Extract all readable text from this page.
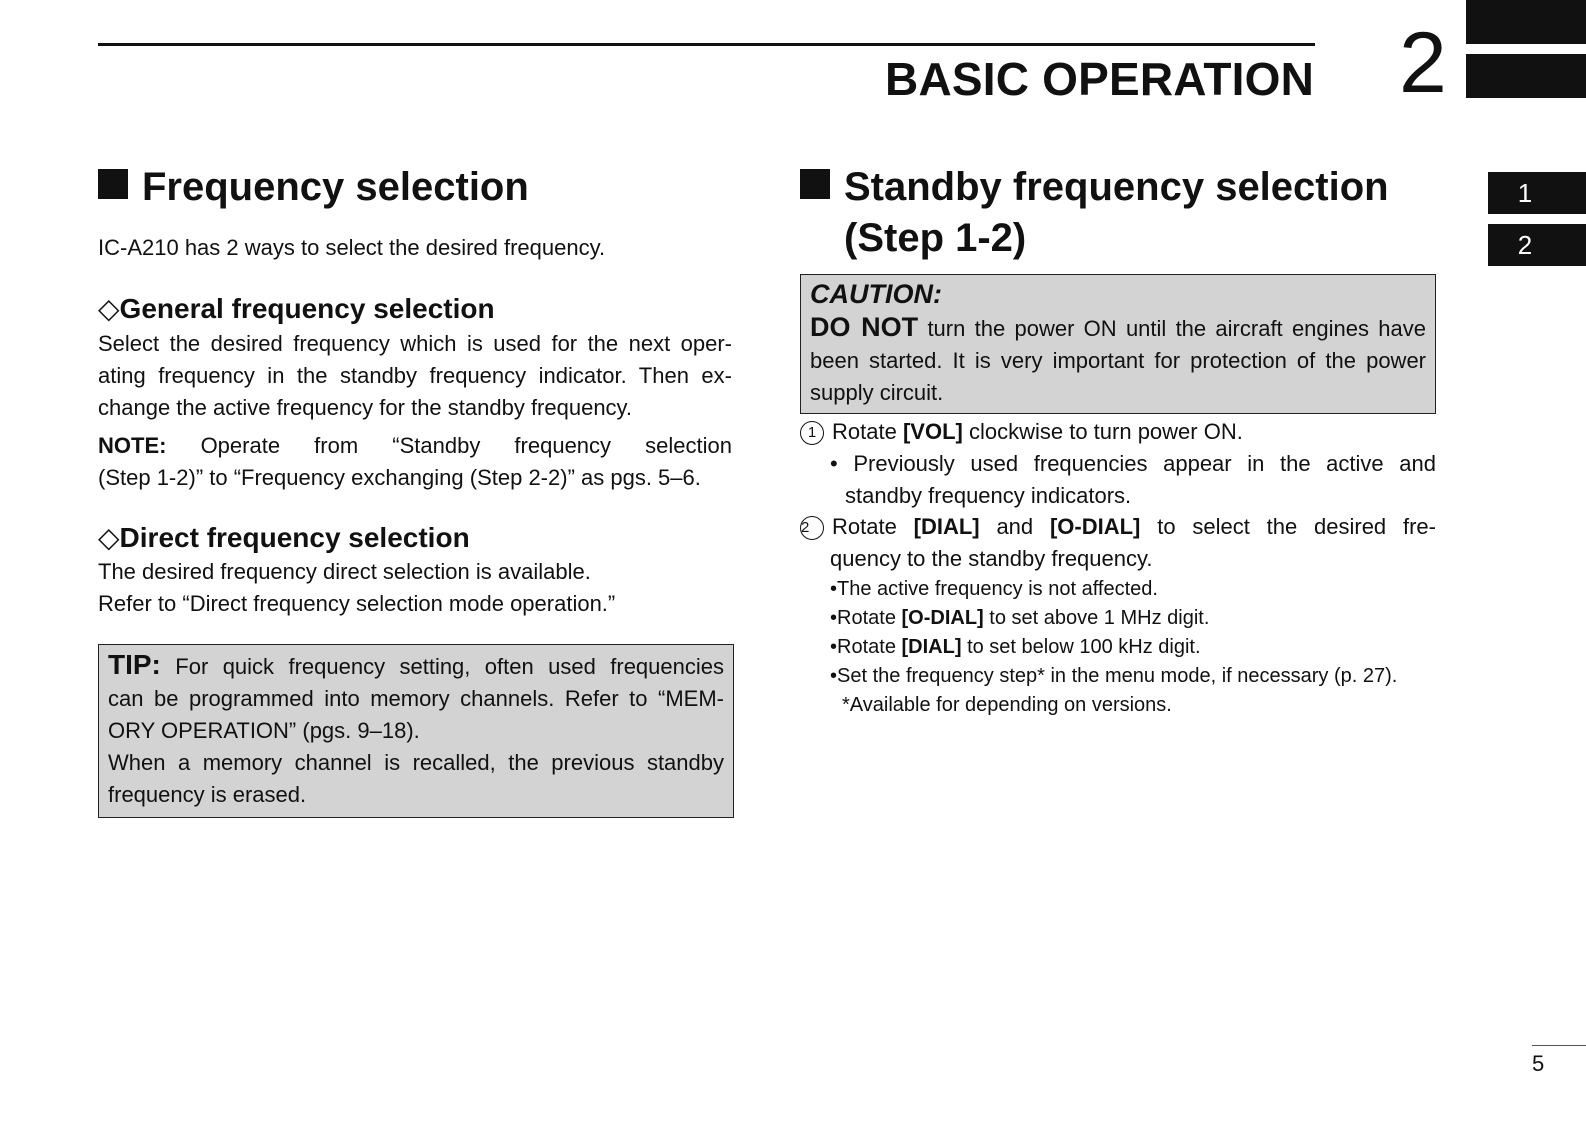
BASIC OPERATION 2
1
2
Frequency selection
IC-A210 has 2 ways to select the desired frequency.
◇General frequency selection
Select the desired frequency which is used for the next oper-
ating frequency in the standby frequency indicator. Then ex-
change the active frequency for the standby frequency.
NOTE: Operate from “Standby frequency selection
(Step 1-2)” to “Frequency exchanging (Step 2-2)” as pgs. 5–6.
◇Direct frequency selection
The desired frequency direct selection is available.
Refer to “Direct frequency selection mode operation.”
TIP: For quick frequency setting, often used frequencies
can be programmed into memory channels. Refer to “MEM-
ORY OPERATION” (pgs. 9–18).
When a memory channel is recalled, the previous standby
frequency is erased.
Standby frequency selection
(Step 1-2)
CAUTION:
DO NOT turn the power ON until the aircraft engines have
been started. It is very important for protection of the power
supply circuit.
1 Rotate [VOL] clockwise to turn power ON.
• Previously used frequencies appear in the active and
standby frequency indicators.
2 Rotate [DIAL] and [O-DIAL] to select the desired fre-
quency to the standby frequency.
•The active frequency is not affected.
•Rotate [O-DIAL] to set above 1 MHz digit.
•Rotate [DIAL] to set below 100 kHz digit.
•Set the frequency step* in the menu mode, if necessary (p. 27).
*Available for depending on versions.
5
